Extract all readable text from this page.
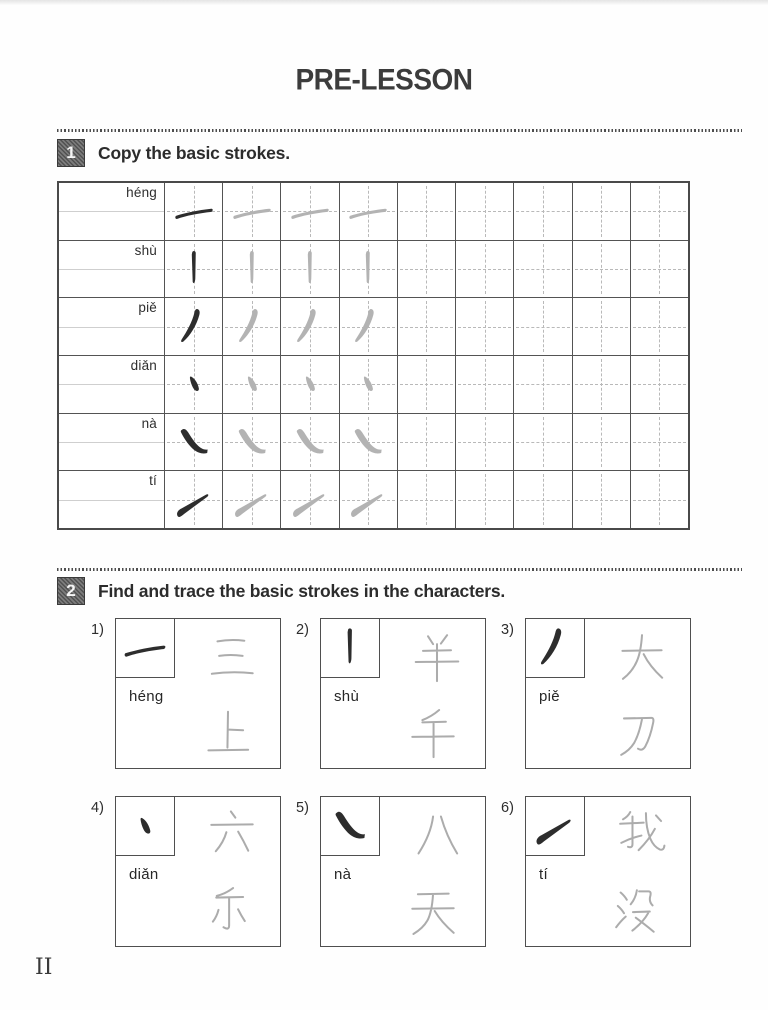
PRE-LESSON
1	Copy the basic strokes.
héng
shù
piě
diǎn
nà
tí
2	Find and trace the basic strokes in the characters.
1)
héng
2)
shù
3)
piě
4)
diǎn
5)
nà
6)
tí
II
